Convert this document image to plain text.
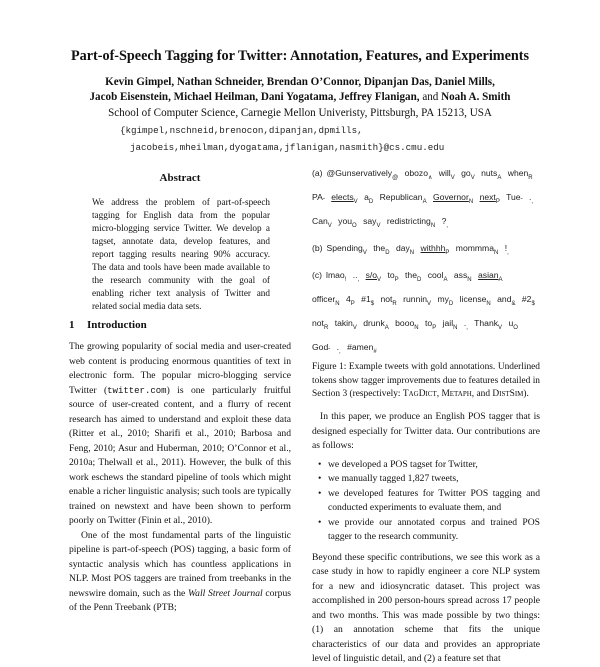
Part-of-Speech Tagging for Twitter: Annotation, Features, and Experiments
Kevin Gimpel, Nathan Schneider, Brendan O’Connor, Dipanjan Das, Daniel Mills,
Jacob Eisenstein, Michael Heilman, Dani Yogatama, Jeffrey Flanigan, and Noah A. Smith
School of Computer Science, Carnegie Mellon Univeristy, Pittsburgh, PA 15213, USA
{kgimpel,nschneid,brenocon,dipanjan,dpmills,
jacobeis,mheilman,dyogatama,jflanigan,nasmith}@cs.cmu.edu
Abstract
We address the problem of part-of-speech tagging for English data from the popular micro-blogging service Twitter. We develop a tagset, annotate data, develop features, and report tagging results nearing 90% accuracy. The data and tools have been made available to the research community with the goal of enabling richer text analysis of Twitter and related social media data sets.
1 Introduction

The growing popularity of social media and user-created web content is producing enormous quantities of text in electronic form. The popular micro-blogging service Twitter (twitter.com) is one particularly fruitful source of user-created content, and a flurry of recent research has aimed to understand and exploit these data (Ritter et al., 2010; Sharifi et al., 2010; Barbosa and Feng, 2010; Asur and Huberman, 2010; O’Connor et al., 2010a; Thelwall et al., 2011). However, the bulk of this work eschews the standard pipeline of tools which might enable a richer linguistic analysis; such tools are typically trained on newstext and have been shown to perform poorly on Twitter (Finin et al., 2010).

One of the most fundamental parts of the linguistic pipeline is part-of-speech (POS) tagging, a basic form of syntactic analysis which has countless applications in NLP. Most POS taggers are trained from treebanks in the newswire domain, such as the Wall Street Journal corpus of the Penn Treebank (PTB;

(a) @Gunservatively$_@$ obozo$_\wedge$ will$_V$ $go_V$ nuts$_A$ when$_R$ $PA_ˆ$ elects$_V$ $a_D$ Republican$_A$ Governor$_N$ next$_P$ Tue$_ˆ$ $._,$ Can$_V$ you$_O$ say$_V$ redistricting$_N$ $?_,$

(b) Spending$_V$ the$_D$ day$_N$ withhh$_P$ mommma$_N$ $!_,$

(c) lmao$_!$ $.._,$ $s/o_V$ $to_P$ the$_D$ cool$_A$ ass$_N$ asian$_A$ officer$_N$ $4_P$ $\#1_{\$}$ not$_R$ runnin$_V$ $my_D$ license$_N$ and$_{\&}$ $\#2_{\$}$ not$_R$ takin$_V$ drunk$_A$ booo$_N$ $to_P$ jail$_N$ $._,$ Thank$_V$ $u_O$ God$_ˆ$ $._,$ #amen$_{\#}$

Figure 1: Example tweets with gold annotations. Underlined tokens show tagger improvements due to features detailed in Section 3 (respectively: TagDict, Metaph, and DistSim).

In this paper, we produce an English POS tagger that is designed especially for Twitter data. Our contributions are as follows:

• we developed a POS tagset for Twitter,
• we manually tagged 1,827 tweets,
• we developed features for Twitter POS tagging and conducted experiments to evaluate them, and
• we provide our annotated corpus and trained POS tagger to the research community.

Beyond these specific contributions, we see this work as a case study in how to rapidly engineer a core NLP system for a new and idiosyncratic dataset. This project was accomplished in 200 person-hours spread across 17 people and two months. This was made possible by two things: (1) an annotation scheme that fits the unique characteristics of our data and provides an appropriate level of linguistic detail, and (2) a feature set that
